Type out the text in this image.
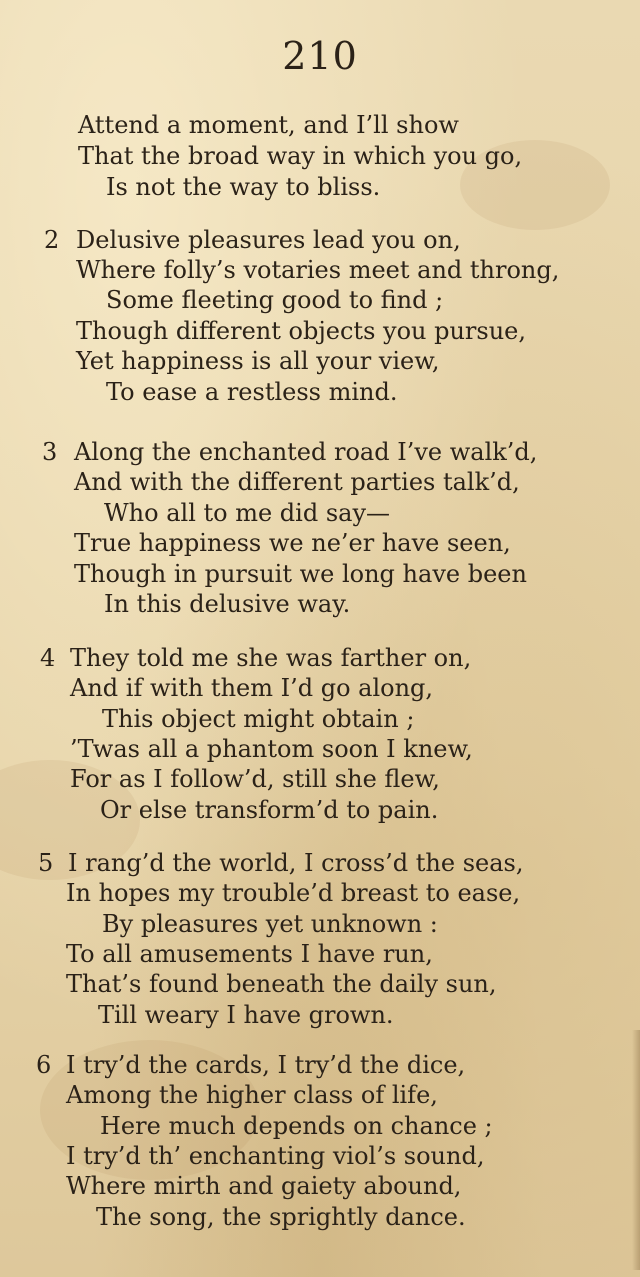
210
Attend a moment, and I’ll show
That the broad way in which you go,
Is not the way to bliss.
2 Delusive pleasures lead you on,
Where folly’s votaries meet and throng,
Some fleeting good to find ;
Though different objects you pursue,
Yet happiness is all your view,
To ease a restless mind.
3 Along the enchanted road I’ve walk’d,
And with the different parties talk’d,
Who all to me did say—
True happiness we ne’er have seen,
Though in pursuit we long have been
In this delusive way.
4 They told me she was farther on,
And if with them I’d go along,
This object might obtain ;
’Twas all a phantom soon I knew,
For as I follow’d, still she flew,
Or else transform’d to pain.
5 I rang’d the world, I cross’d the seas,
In hopes my trouble’d breast to ease,
By pleasures yet unknown :
To all amusements I have run,
That’s found beneath the daily sun,
Till weary I have grown.
6 I try’d the cards, I try’d the dice,
Among the higher class of life,
Here much depends on chance ;
I try’d th’ enchanting viol’s sound,
Where mirth and gaiety abound,
The song, the sprightly dance.
